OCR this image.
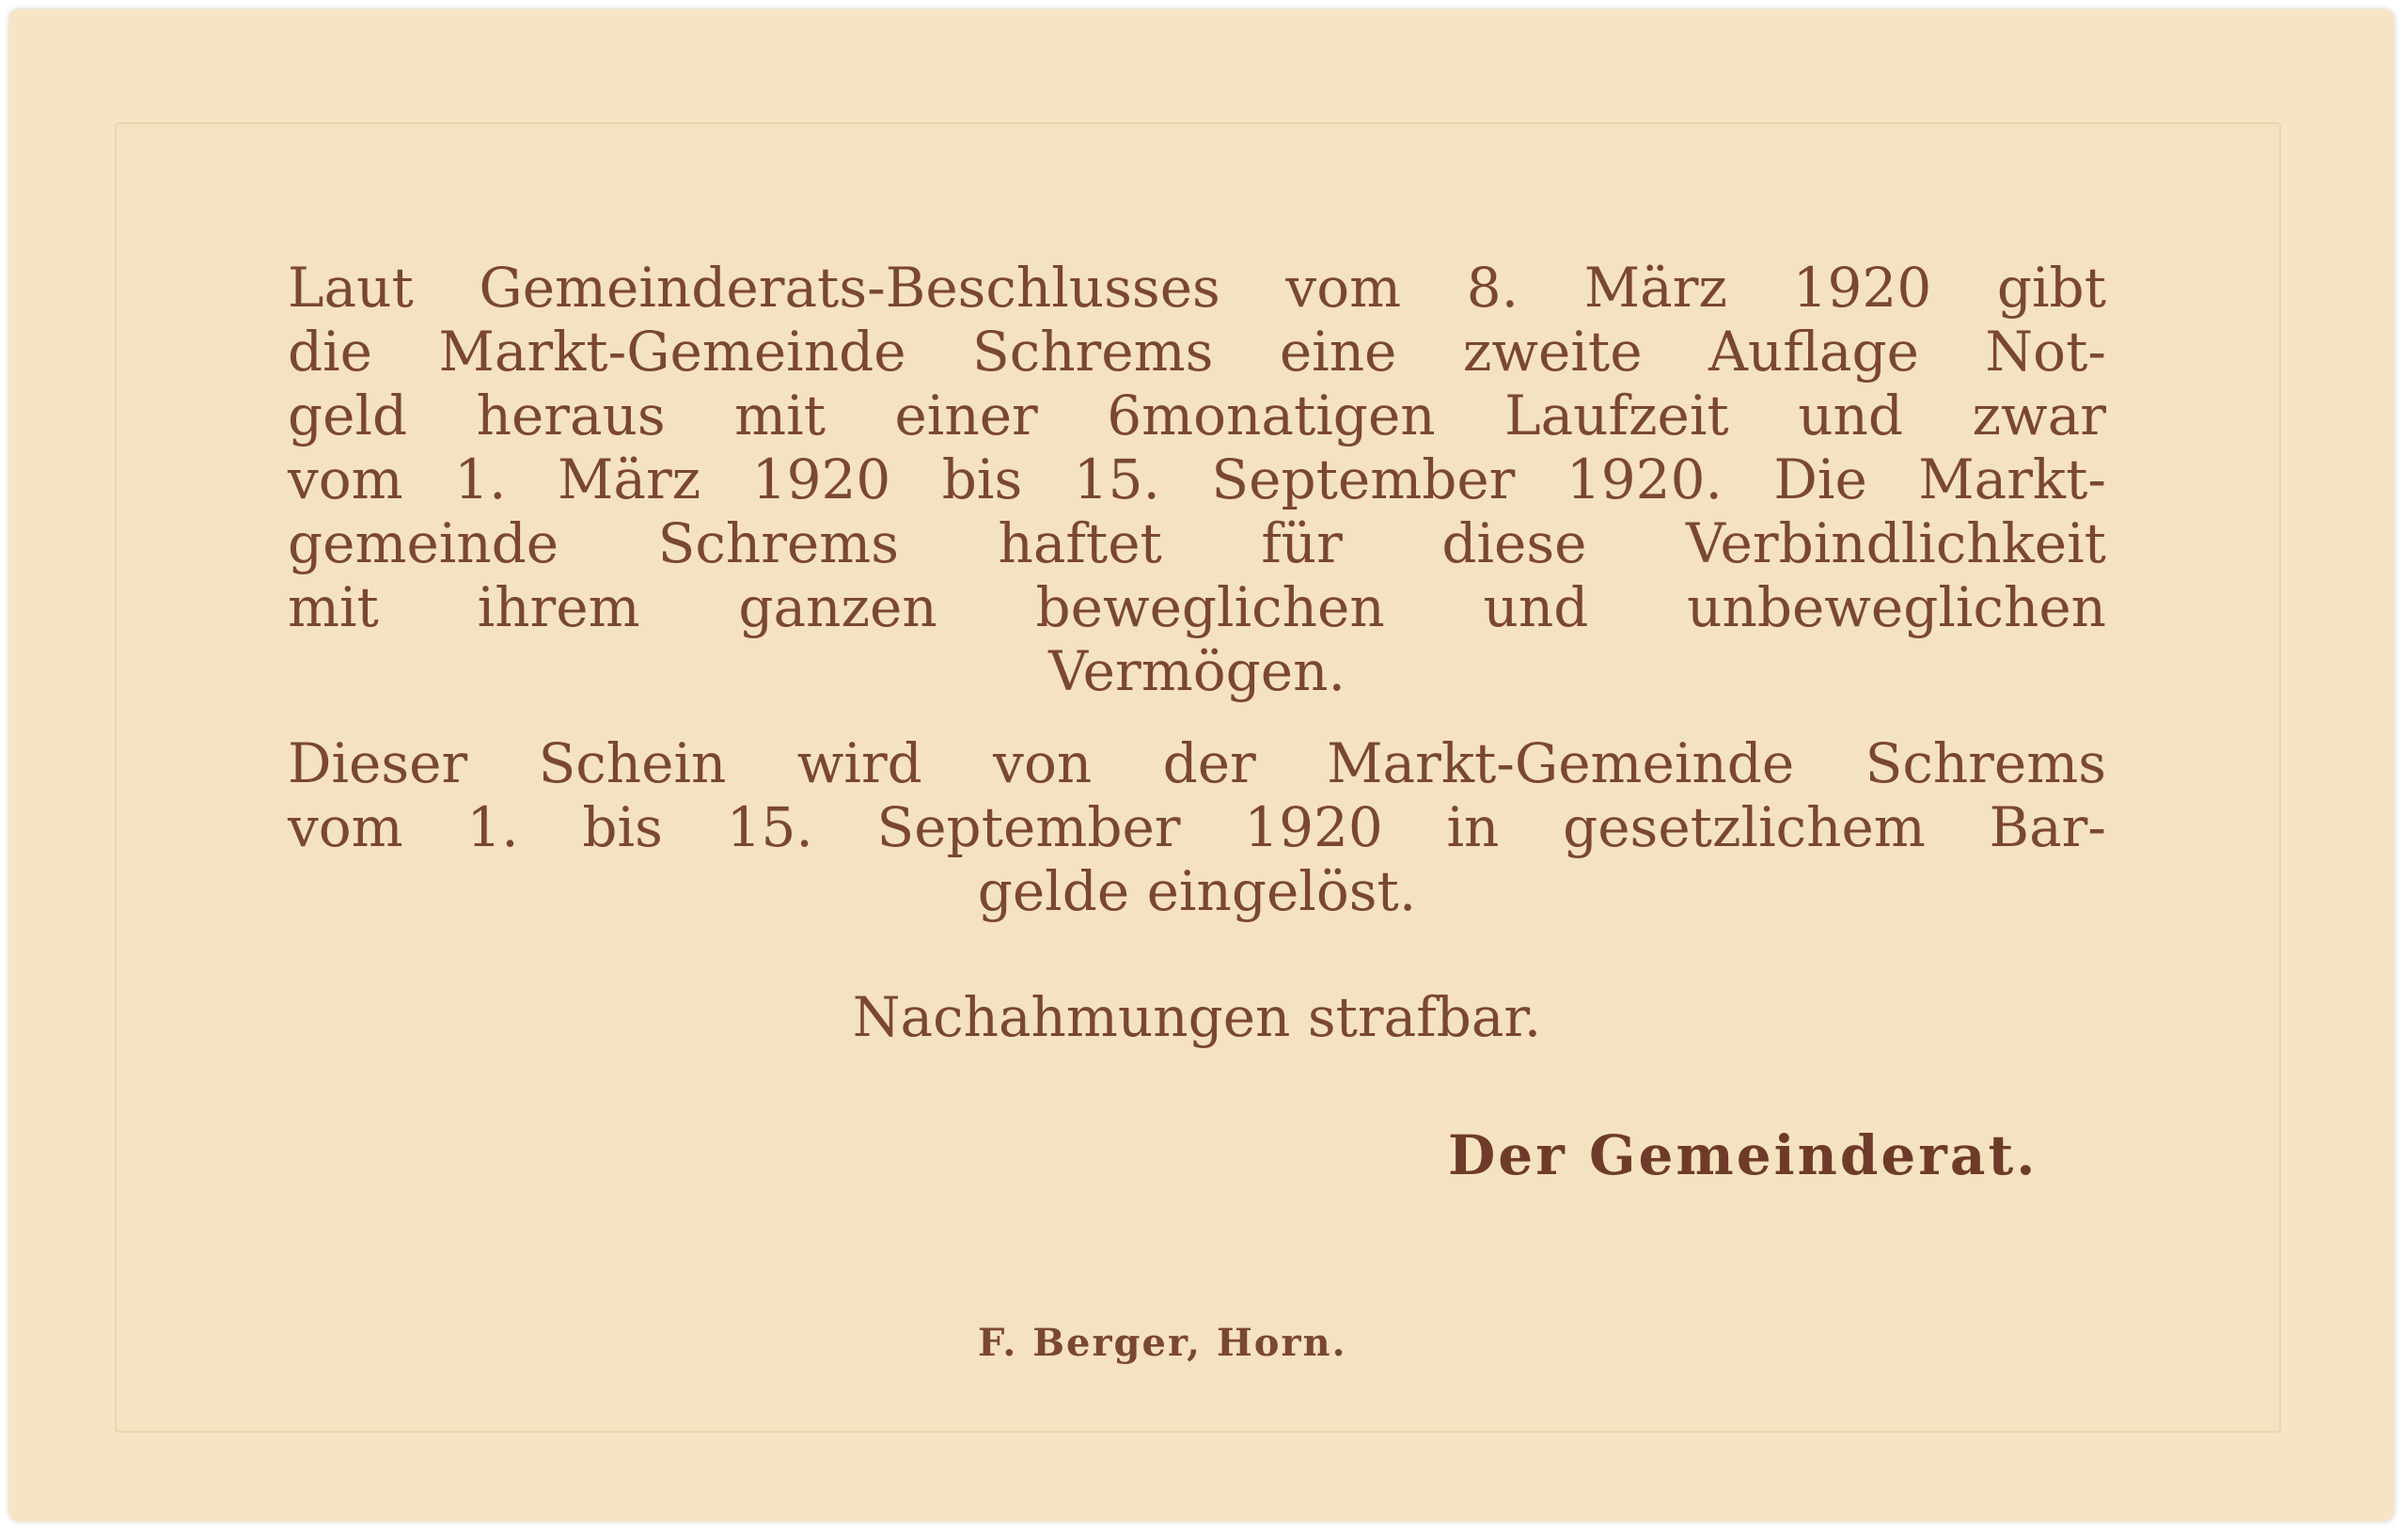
Laut Gemeinderats-Beschlusses vom 8. März 1920 gibt
die Markt-Gemeinde Schrems eine zweite Auflage Not-
geld heraus mit einer 6monatigen Laufzeit und zwar
vom 1. März 1920 bis 15. September 1920. Die Markt-
gemeinde Schrems haftet für diese Verbindlichkeit
mit ihrem ganzen beweglichen und unbeweglichen
Vermögen.
Dieser Schein wird von der Markt-Gemeinde Schrems
vom 1. bis 15. September 1920 in gesetzlichem Bar-
gelde eingelöst.
Nachahmungen strafbar.
Der Gemeinderat.
F. Berger, Horn.
